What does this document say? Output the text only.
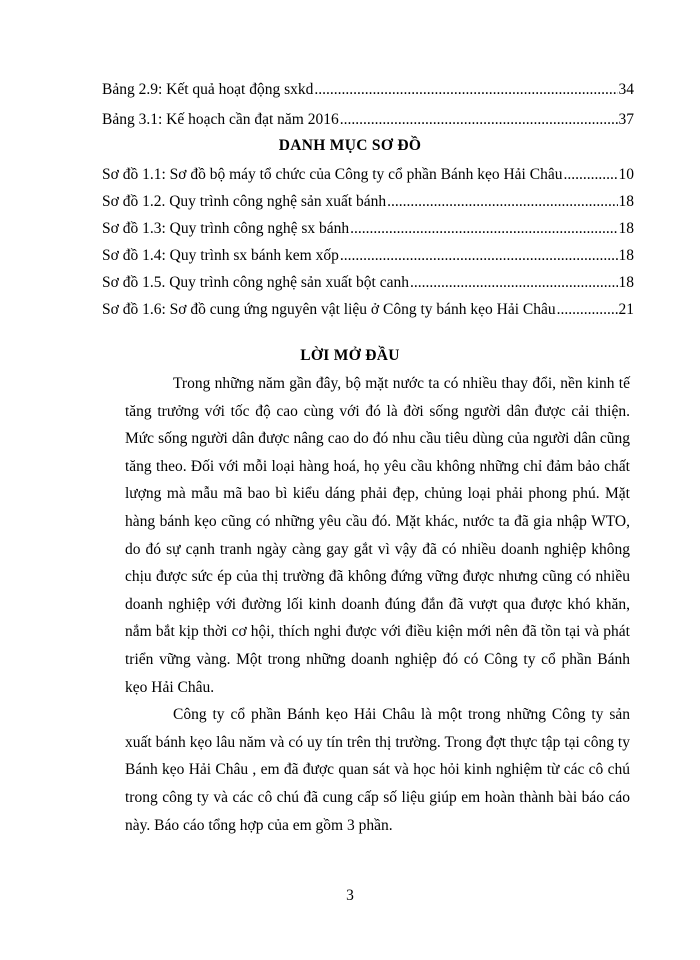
Bảng 2.9: Kết quả hoạt động sxkd .....	34
Bảng 3.1: Kế hoạch cần đạt năm 2016 .....	37
DANH MỤC SƠ ĐỒ
Sơ đồ 1.1: Sơ đồ bộ máy tổ chức của Công ty cổ phần Bánh kẹo Hải Châu .....	10
Sơ đồ 1.2. Quy trình công nghệ sản xuất bánh .....	18
Sơ đồ 1.3: Quy trình công nghệ sx bánh .....	18
Sơ đồ 1.4: Quy trình sx bánh kem xốp .....	18
Sơ đồ 1.5. Quy trình công nghệ sản xuất bột canh .....	18
Sơ đồ 1.6: Sơ đồ cung ứng nguyên vật liệu ở Công ty bánh kẹo Hải Châu .....	21
LỜI MỞ ĐẦU

Trong những năm gần đây, bộ mặt nước ta có nhiều thay đổi, nền kinh tế tăng trưởng với tốc độ cao cùng với đó là đời sống người dân được cải thiện. Mức sống người dân được nâng cao do đó nhu cầu tiêu dùng của người dân cũng tăng theo. Đối với mỗi loại hàng hoá, họ yêu cầu không những chỉ đảm bảo chất lượng mà mẫu mã bao bì kiểu dáng phải đẹp, chủng loại phải phong phú. Mặt hàng bánh kẹo cũng có những yêu cầu đó. Mặt khác, nước ta đã gia nhập WTO, do đó sự cạnh tranh ngày càng gay gắt vì vậy đã có nhiều doanh nghiệp không chịu được sức ép của thị trường đã không đứng vững được nhưng cũng có nhiều doanh nghiệp với đường lối kinh doanh đúng đắn đã vượt qua được khó khăn, nắm bắt kịp thời cơ hội, thích nghi được với điều kiện mới nên đã tồn tại và phát triển vững vàng. Một trong những doanh nghiệp đó có Công ty cổ phần Bánh kẹo Hải Châu.

Công ty cổ phần Bánh kẹo Hải Châu là một trong những Công ty sản xuất bánh kẹo lâu năm và có uy tín trên thị trường. Trong đợt thực tập tại công ty Bánh kẹo Hải Châu , em đã được quan sát và học hỏi kinh nghiệm từ các cô chú trong công ty và các cô chú đã cung cấp số liệu giúp em hoàn thành bài báo cáo này. Báo cáo tổng hợp của em gồm 3 phần.

3
